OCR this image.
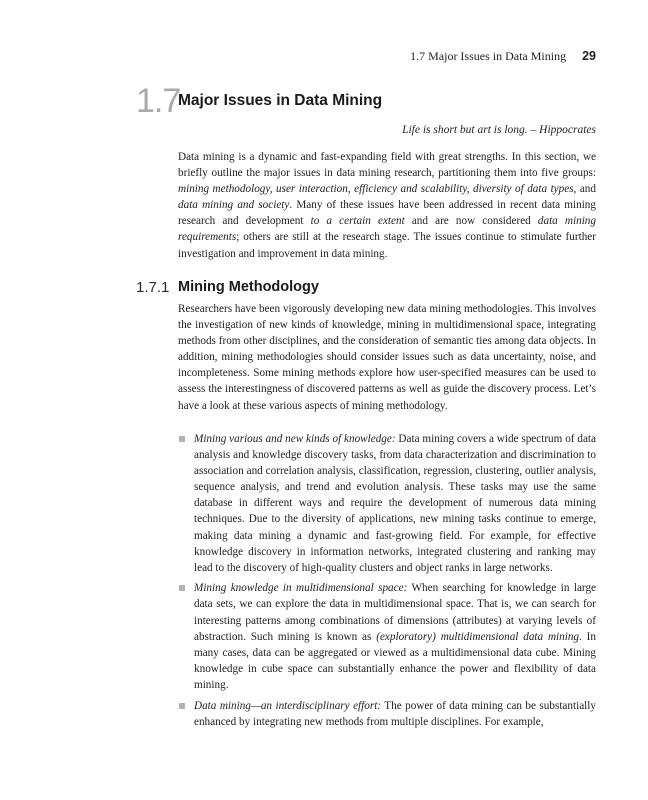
1.7 Major Issues in Data Mining 29
1.7
Major Issues in Data Mining
Life is short but art is long. – Hippocrates

Data mining is a dynamic and fast-expanding field with great strengths. In this section, we briefly outline the major issues in data mining research, partitioning them into five groups: mining methodology, user interaction, efficiency and scalability, diversity of data types, and data mining and society. Many of these issues have been addressed in recent data mining research and development to a certain extent and are now considered data mining requirements; others are still at the research stage. The issues continue to stimulate further investigation and improvement in data mining.

1.7.1 Mining Methodology

Researchers have been vigorously developing new data mining methodologies. This involves the investigation of new kinds of knowledge, mining in multidimensional space, integrating methods from other disciplines, and the consideration of semantic ties among data objects. In addition, mining methodologies should consider issues such as data uncertainty, noise, and incompleteness. Some mining methods explore how user-specified measures can be used to assess the interestingness of discovered patterns as well as guide the discovery process. Let’s have a look at these various aspects of mining methodology.

Mining various and new kinds of knowledge: Data mining covers a wide spectrum of data analysis and knowledge discovery tasks, from data characterization and discrimination to association and correlation analysis, classification, regression, clustering, outlier analysis, sequence analysis, and trend and evolution analysis. These tasks may use the same database in different ways and require the development of numerous data mining techniques. Due to the diversity of applications, new mining tasks continue to emerge, making data mining a dynamic and fast-growing field. For example, for effective knowledge discovery in information networks, integrated clustering and ranking may lead to the discovery of high-quality clusters and object ranks in large networks.
Mining knowledge in multidimensional space: When searching for knowledge in large data sets, we can explore the data in multidimensional space. That is, we can search for interesting patterns among combinations of dimensions (attributes) at varying levels of abstraction. Such mining is known as (exploratory) multidimensional data mining. In many cases, data can be aggregated or viewed as a multidimensional data cube. Mining knowledge in cube space can substantially enhance the power and flexibility of data mining.
Data mining—an interdisciplinary effort: The power of data mining can be substantially enhanced by integrating new methods from multiple disciplines. For example,
